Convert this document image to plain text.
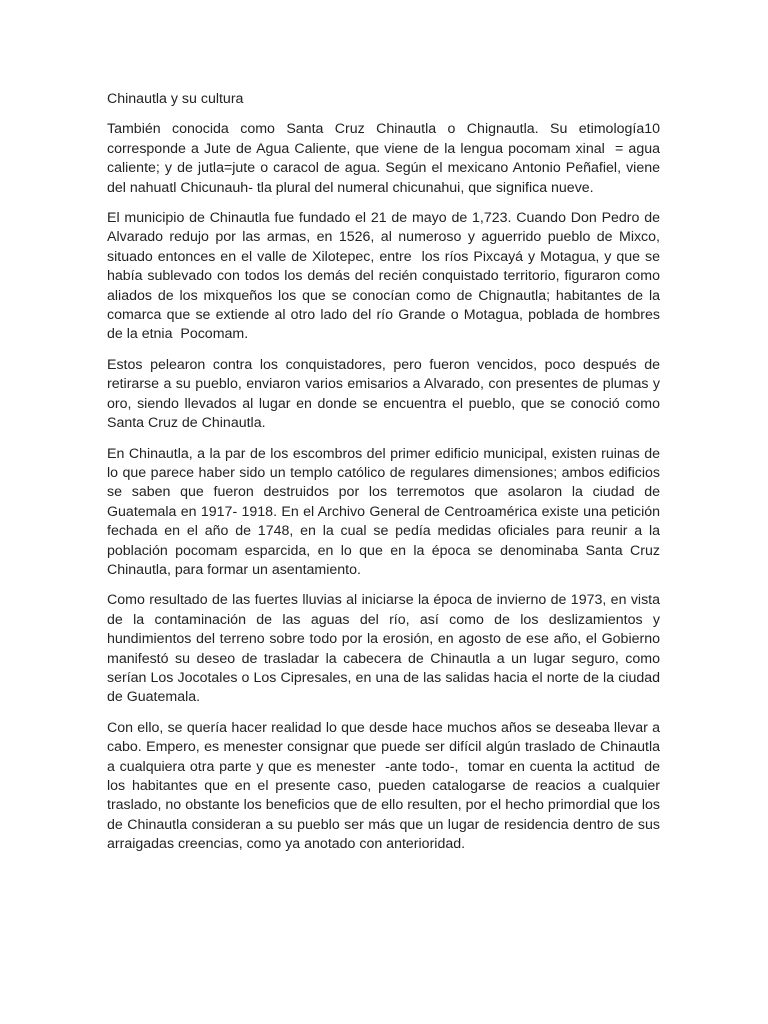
Chinautla y su cultura

También conocida como Santa Cruz Chinautla o Chignautla. Su etimología10 corresponde a Jute de Agua Caliente, que viene de la lengua pocomam xinal  = agua caliente; y de jutla=jute o caracol de agua. Según el mexicano Antonio Peñafiel, viene del nahuatl Chicunauh- tla plural del numeral chicunahui, que significa nueve.

El municipio de Chinautla fue fundado el 21 de mayo de 1,723. Cuando Don Pedro de Alvarado redujo por las armas, en 1526, al numeroso y aguerrido pueblo de Mixco, situado entonces en el valle de Xilotepec, entre  los ríos Pixcayá y Motagua, y que se había sublevado con todos los demás del recién conquistado territorio, figuraron como aliados de los mixqueños los que se conocían como de Chignautla; habitantes de la comarca que se extiende al otro lado del río Grande o Motagua, poblada de hombres de la etnia  Pocomam.

Estos pelearon contra los conquistadores, pero fueron vencidos, poco después de retirarse a su pueblo, enviaron varios emisarios a Alvarado, con presentes de plumas y oro, siendo llevados al lugar en donde se encuentra el pueblo, que se conoció como Santa Cruz de Chinautla.

En Chinautla, a la par de los escombros del primer edificio municipal, existen ruinas de lo que parece haber sido un templo católico de regulares dimensiones; ambos edificios se saben que fueron destruidos por los terremotos que asolaron la ciudad de Guatemala en 1917- 1918. En el Archivo General de Centroamérica existe una petición fechada en el año de 1748, en la cual se pedía medidas oficiales para reunir a la población pocomam esparcida, en lo que en la época se denominaba Santa Cruz Chinautla, para formar un asentamiento.

Como resultado de las fuertes lluvias al iniciarse la época de invierno de 1973, en vista de la contaminación de las aguas del río, así como de los deslizamientos y hundimientos del terreno sobre todo por la erosión, en agosto de ese año, el Gobierno manifestó su deseo de trasladar la cabecera de Chinautla a un lugar seguro, como serían Los Jocotales o Los Cipresales, en una de las salidas hacia el norte de la ciudad de Guatemala.

Con ello, se quería hacer realidad lo que desde hace muchos años se deseaba llevar a cabo. Empero, es menester consignar que puede ser difícil algún traslado de Chinautla a cualquiera otra parte y que es menester  -ante todo-,  tomar en cuenta la actitud  de los habitantes que en el presente caso, pueden catalogarse de reacios a cualquier traslado, no obstante los beneficios que de ello resulten, por el hecho primordial que los de Chinautla consideran a su pueblo ser más que un lugar de residencia dentro de sus arraigadas creencias, como ya anotado con anterioridad.
